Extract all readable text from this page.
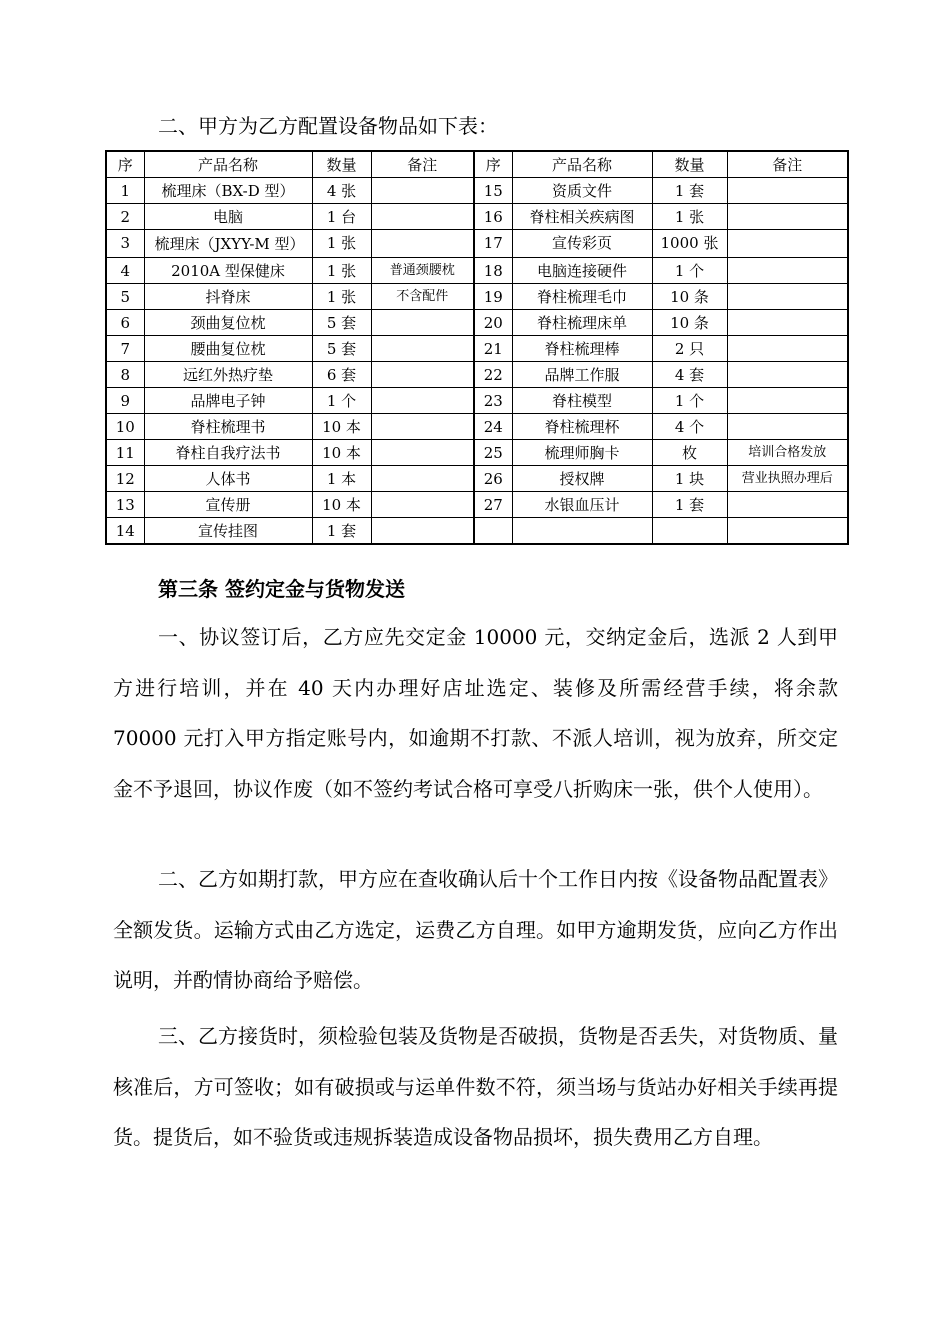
二、甲方为乙方配置设备物品如下表：
序	产品名称	数量	备注	序	产品名称	数量	备注
1	梳理床（BX-D 型）	4 张		15	资质文件	1 套	
2	电脑	1 台		16	脊柱相关疾病图	1 张	
3	梳理床（JXYY-M 型）	1 张		17	宣传彩页	1000 张	
4	2010A 型保健床	1 张	普通颈腰枕	18	电脑连接硬件	1 个	
5	抖脊床	1 张	不含配件	19	脊柱梳理毛巾	10 条	
6	颈曲复位枕	5 套		20	脊柱梳理床单	10 条	
7	腰曲复位枕	5 套		21	脊柱梳理棒	2 只	
8	远红外热疗垫	6 套		22	品牌工作服	4 套	
9	品牌电子钟	1 个		23	脊柱模型	1 个	
10	脊柱梳理书	10 本		24	脊柱梳理杯	4 个	
11	脊柱自我疗法书	10 本		25	梳理师胸卡	枚	培训合格发放
12	人体书	1 本		26	授权牌	1 块	营业执照办理后
13	宣传册	10 本		27	水银血压计	1 套	
14	宣传挂图	1 套					
第三条 签约定金与货物发送

一、协议签订后，乙方应先交定金 10000 元，交纳定金后，选派 2 人到甲方进行培训，并在 40 天内办理好店址选定、装修及所需经营手续，将余款 70000 元打入甲方指定账号内，如逾期不打款、不派人培训，视为放弃，所交定金不予退回，协议作废（如不签约考试合格可享受八折购床一张，供个人使用）。

二、乙方如期打款，甲方应在查收确认后十个工作日内按《设备物品配置表》全额发货。运输方式由乙方选定，运费乙方自理。如甲方逾期发货，应向乙方作出说明，并酌情协商给予赔偿。

三、乙方接货时，须检验包装及货物是否破损，货物是否丢失，对货物质、量核准后，方可签收；如有破损或与运单件数不符，须当场与货站办好相关手续再提货。提货后，如不验货或违规拆装造成设备物品损坏，损失费用乙方自理。
